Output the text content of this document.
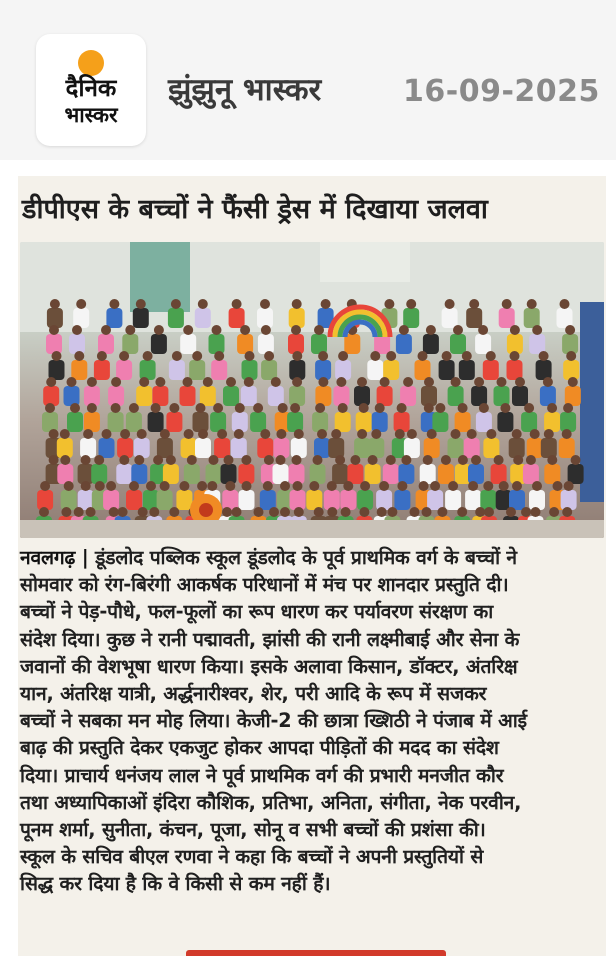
दैनिक
भास्कर
झुंझुनू भास्कर	16-09-2025
डीपीएस के बच्चों ने फैंसी ड्रेस में दिखाया जलवा
नवलगढ़ | डूंडलोद पब्लिक स्कूल डूंडलोद के पूर्व प्राथमिक वर्ग के बच्चों ने
सोमवार को रंग-बिरंगी आकर्षक परिधानों में मंच पर शानदार प्रस्तुति दी।
बच्चों ने पेड़-पौधे, फल-फूलों का रूप धारण कर पर्यावरण संरक्षण का
संदेश दिया। कुछ ने रानी पद्मावती, झांसी की रानी लक्ष्मीबाई और सेना के
जवानों की वेशभूषा धारण किया। इसके अलावा किसान, डॉक्टर, अंतरिक्ष
यान, अंतरिक्ष यात्री, अर्द्धनारीश्वर, शेर, परी आदि के रूप में सजकर
बच्चों ने सबका मन मोह लिया। केजी-2 की छात्रा ख्शिठी ने पंजाब में आई
बाढ़ की प्रस्तुति देकर एकजुट होकर आपदा पीड़ितों की मदद का संदेश
दिया। प्राचार्य धनंजय लाल ने पूर्व प्राथमिक वर्ग की प्रभारी मनजीत कौर
तथा अध्यापिकाओं इंदिरा कौशिक, प्रतिभा, अनिता, संगीता, नेक परवीन,
पूनम शर्मा, सुनीता, कंचन, पूजा, सोनू व सभी बच्चों की प्रशंसा की।
स्कूल के सचिव बीएल रणवा ने कहा कि बच्चों ने अपनी प्रस्तुतियों से
सिद्ध कर दिया है कि वे किसी से कम नहीं हैं।
